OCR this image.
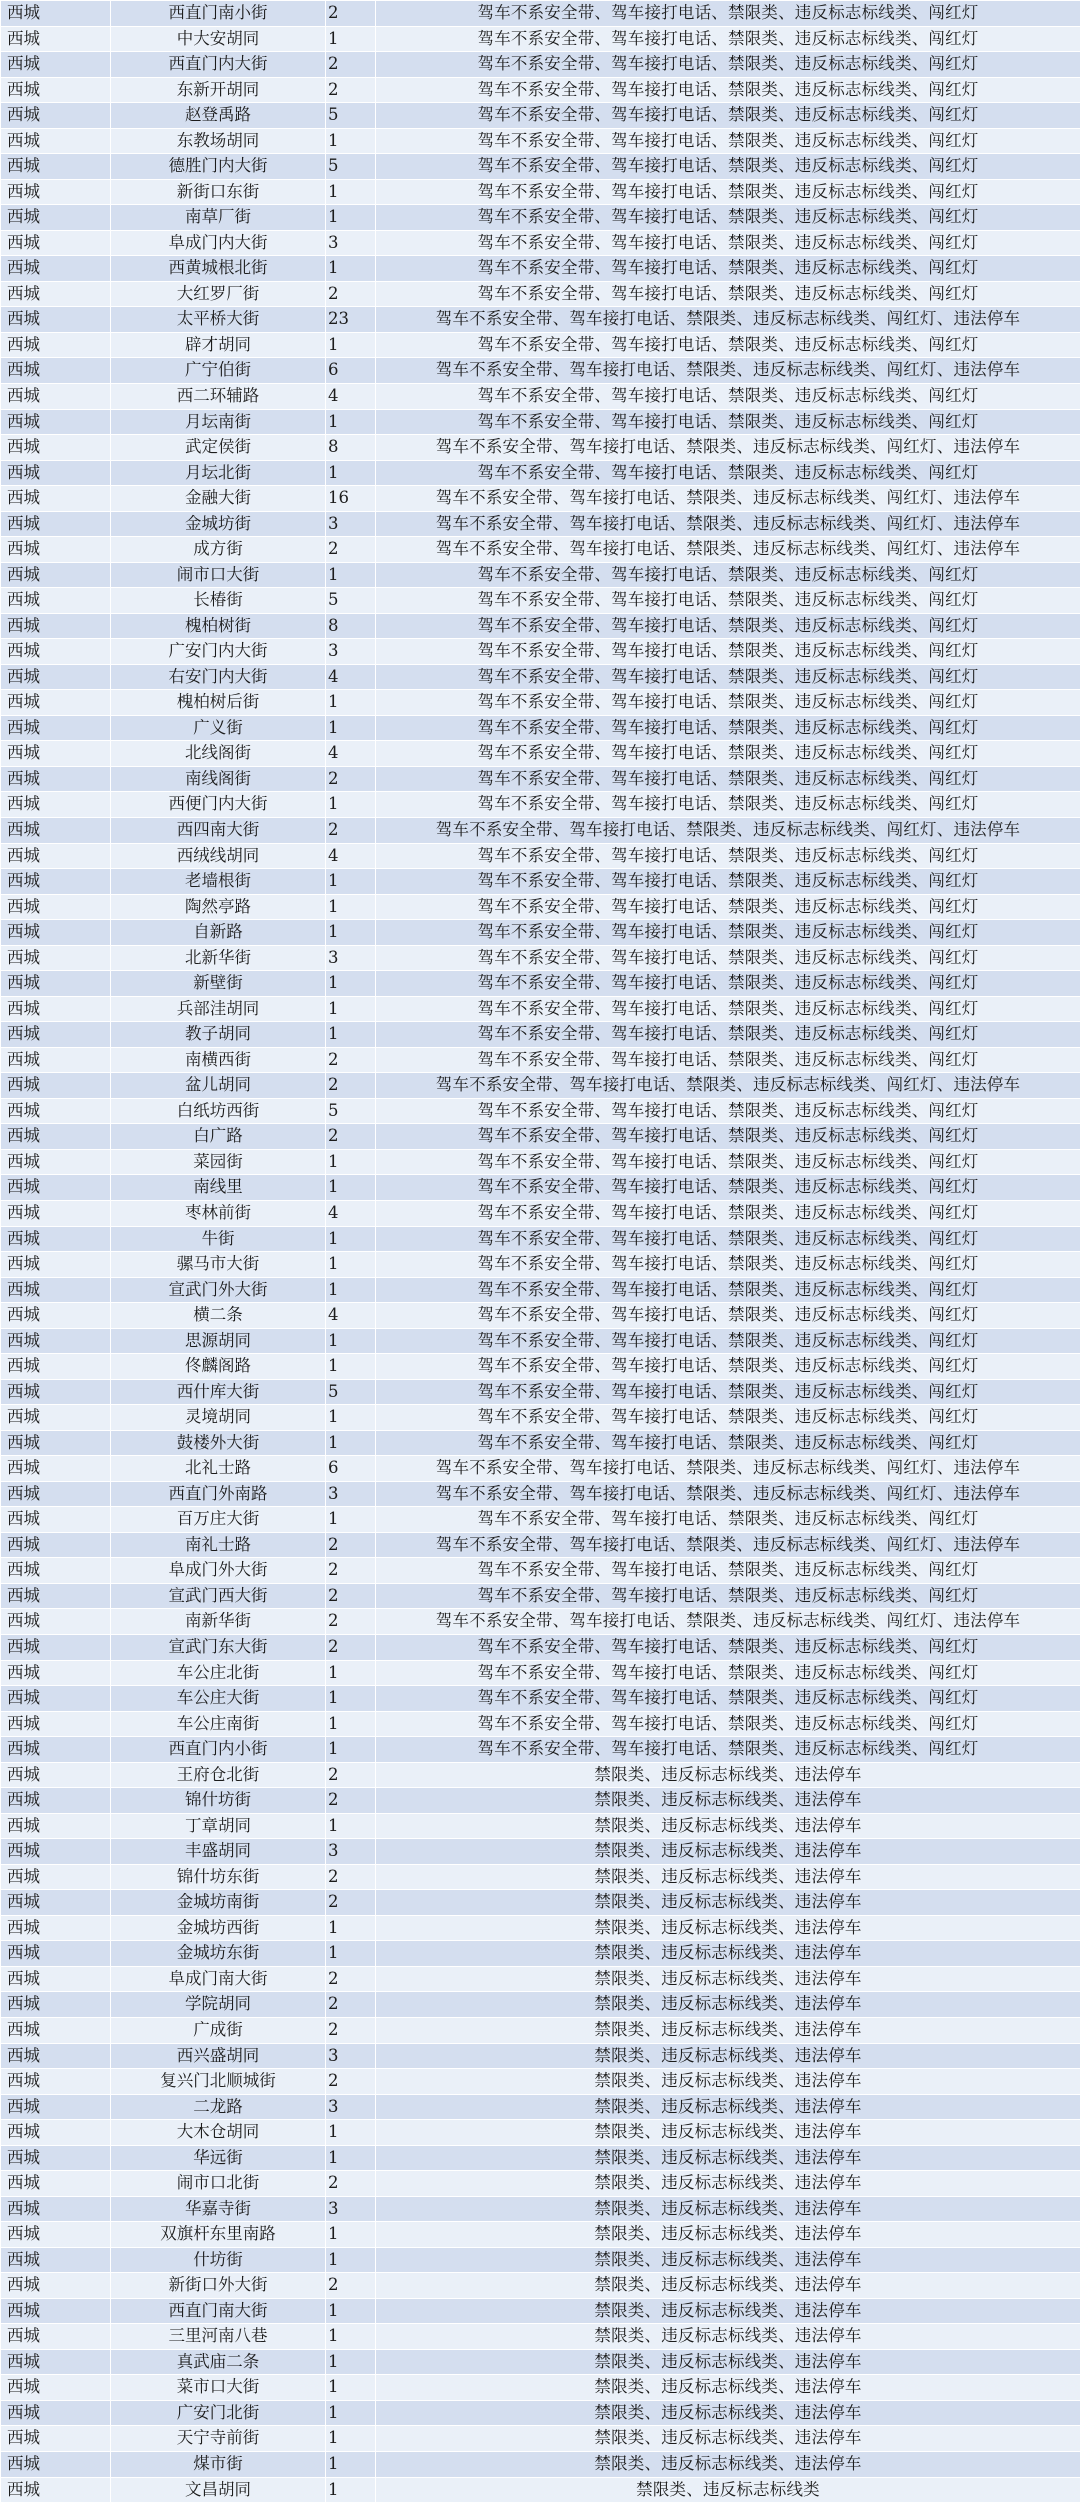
西城	西直门南小街	2	驾车不系安全带、驾车接打电话、禁限类、违反标志标线类、闯红灯
西城	中大安胡同	1	驾车不系安全带、驾车接打电话、禁限类、违反标志标线类、闯红灯
西城	西直门内大街	2	驾车不系安全带、驾车接打电话、禁限类、违反标志标线类、闯红灯
西城	东新开胡同	2	驾车不系安全带、驾车接打电话、禁限类、违反标志标线类、闯红灯
西城	赵登禹路	5	驾车不系安全带、驾车接打电话、禁限类、违反标志标线类、闯红灯
西城	东教场胡同	1	驾车不系安全带、驾车接打电话、禁限类、违反标志标线类、闯红灯
西城	德胜门内大街	5	驾车不系安全带、驾车接打电话、禁限类、违反标志标线类、闯红灯
西城	新街口东街	1	驾车不系安全带、驾车接打电话、禁限类、违反标志标线类、闯红灯
西城	南草厂街	1	驾车不系安全带、驾车接打电话、禁限类、违反标志标线类、闯红灯
西城	阜成门内大街	3	驾车不系安全带、驾车接打电话、禁限类、违反标志标线类、闯红灯
西城	西黄城根北街	1	驾车不系安全带、驾车接打电话、禁限类、违反标志标线类、闯红灯
西城	大红罗厂街	2	驾车不系安全带、驾车接打电话、禁限类、违反标志标线类、闯红灯
西城	太平桥大街	23	驾车不系安全带、驾车接打电话、禁限类、违反标志标线类、闯红灯、违法停车
西城	辟才胡同	1	驾车不系安全带、驾车接打电话、禁限类、违反标志标线类、闯红灯
西城	广宁伯街	6	驾车不系安全带、驾车接打电话、禁限类、违反标志标线类、闯红灯、违法停车
西城	西二环辅路	4	驾车不系安全带、驾车接打电话、禁限类、违反标志标线类、闯红灯
西城	月坛南街	1	驾车不系安全带、驾车接打电话、禁限类、违反标志标线类、闯红灯
西城	武定侯街	8	驾车不系安全带、驾车接打电话、禁限类、违反标志标线类、闯红灯、违法停车
西城	月坛北街	1	驾车不系安全带、驾车接打电话、禁限类、违反标志标线类、闯红灯
西城	金融大街	16	驾车不系安全带、驾车接打电话、禁限类、违反标志标线类、闯红灯、违法停车
西城	金城坊街	3	驾车不系安全带、驾车接打电话、禁限类、违反标志标线类、闯红灯、违法停车
西城	成方街	2	驾车不系安全带、驾车接打电话、禁限类、违反标志标线类、闯红灯、违法停车
西城	闹市口大街	1	驾车不系安全带、驾车接打电话、禁限类、违反标志标线类、闯红灯
西城	长椿街	5	驾车不系安全带、驾车接打电话、禁限类、违反标志标线类、闯红灯
西城	槐柏树街	8	驾车不系安全带、驾车接打电话、禁限类、违反标志标线类、闯红灯
西城	广安门内大街	3	驾车不系安全带、驾车接打电话、禁限类、违反标志标线类、闯红灯
西城	右安门内大街	4	驾车不系安全带、驾车接打电话、禁限类、违反标志标线类、闯红灯
西城	槐柏树后街	1	驾车不系安全带、驾车接打电话、禁限类、违反标志标线类、闯红灯
西城	广义街	1	驾车不系安全带、驾车接打电话、禁限类、违反标志标线类、闯红灯
西城	北线阁街	4	驾车不系安全带、驾车接打电话、禁限类、违反标志标线类、闯红灯
西城	南线阁街	2	驾车不系安全带、驾车接打电话、禁限类、违反标志标线类、闯红灯
西城	西便门内大街	1	驾车不系安全带、驾车接打电话、禁限类、违反标志标线类、闯红灯
西城	西四南大街	2	驾车不系安全带、驾车接打电话、禁限类、违反标志标线类、闯红灯、违法停车
西城	西绒线胡同	4	驾车不系安全带、驾车接打电话、禁限类、违反标志标线类、闯红灯
西城	老墙根街	1	驾车不系安全带、驾车接打电话、禁限类、违反标志标线类、闯红灯
西城	陶然亭路	1	驾车不系安全带、驾车接打电话、禁限类、违反标志标线类、闯红灯
西城	自新路	1	驾车不系安全带、驾车接打电话、禁限类、违反标志标线类、闯红灯
西城	北新华街	3	驾车不系安全带、驾车接打电话、禁限类、违反标志标线类、闯红灯
西城	新壁街	1	驾车不系安全带、驾车接打电话、禁限类、违反标志标线类、闯红灯
西城	兵部洼胡同	1	驾车不系安全带、驾车接打电话、禁限类、违反标志标线类、闯红灯
西城	教子胡同	1	驾车不系安全带、驾车接打电话、禁限类、违反标志标线类、闯红灯
西城	南横西街	2	驾车不系安全带、驾车接打电话、禁限类、违反标志标线类、闯红灯
西城	盆儿胡同	2	驾车不系安全带、驾车接打电话、禁限类、违反标志标线类、闯红灯、违法停车
西城	白纸坊西街	5	驾车不系安全带、驾车接打电话、禁限类、违反标志标线类、闯红灯
西城	白广路	2	驾车不系安全带、驾车接打电话、禁限类、违反标志标线类、闯红灯
西城	菜园街	1	驾车不系安全带、驾车接打电话、禁限类、违反标志标线类、闯红灯
西城	南线里	1	驾车不系安全带、驾车接打电话、禁限类、违反标志标线类、闯红灯
西城	枣林前街	4	驾车不系安全带、驾车接打电话、禁限类、违反标志标线类、闯红灯
西城	牛街	1	驾车不系安全带、驾车接打电话、禁限类、违反标志标线类、闯红灯
西城	骡马市大街	1	驾车不系安全带、驾车接打电话、禁限类、违反标志标线类、闯红灯
西城	宣武门外大街	1	驾车不系安全带、驾车接打电话、禁限类、违反标志标线类、闯红灯
西城	横二条	4	驾车不系安全带、驾车接打电话、禁限类、违反标志标线类、闯红灯
西城	思源胡同	1	驾车不系安全带、驾车接打电话、禁限类、违反标志标线类、闯红灯
西城	佟麟阁路	1	驾车不系安全带、驾车接打电话、禁限类、违反标志标线类、闯红灯
西城	西什库大街	5	驾车不系安全带、驾车接打电话、禁限类、违反标志标线类、闯红灯
西城	灵境胡同	1	驾车不系安全带、驾车接打电话、禁限类、违反标志标线类、闯红灯
西城	鼓楼外大街	1	驾车不系安全带、驾车接打电话、禁限类、违反标志标线类、闯红灯
西城	北礼士路	6	驾车不系安全带、驾车接打电话、禁限类、违反标志标线类、闯红灯、违法停车
西城	西直门外南路	3	驾车不系安全带、驾车接打电话、禁限类、违反标志标线类、闯红灯、违法停车
西城	百万庄大街	1	驾车不系安全带、驾车接打电话、禁限类、违反标志标线类、闯红灯
西城	南礼士路	2	驾车不系安全带、驾车接打电话、禁限类、违反标志标线类、闯红灯、违法停车
西城	阜成门外大街	2	驾车不系安全带、驾车接打电话、禁限类、违反标志标线类、闯红灯
西城	宣武门西大街	2	驾车不系安全带、驾车接打电话、禁限类、违反标志标线类、闯红灯
西城	南新华街	2	驾车不系安全带、驾车接打电话、禁限类、违反标志标线类、闯红灯、违法停车
西城	宣武门东大街	2	驾车不系安全带、驾车接打电话、禁限类、违反标志标线类、闯红灯
西城	车公庄北街	1	驾车不系安全带、驾车接打电话、禁限类、违反标志标线类、闯红灯
西城	车公庄大街	1	驾车不系安全带、驾车接打电话、禁限类、违反标志标线类、闯红灯
西城	车公庄南街	1	驾车不系安全带、驾车接打电话、禁限类、违反标志标线类、闯红灯
西城	西直门内小街	1	驾车不系安全带、驾车接打电话、禁限类、违反标志标线类、闯红灯
西城	王府仓北街	2	禁限类、违反标志标线类、违法停车
西城	锦什坊街	2	禁限类、违反标志标线类、违法停车
西城	丁章胡同	1	禁限类、违反标志标线类、违法停车
西城	丰盛胡同	3	禁限类、违反标志标线类、违法停车
西城	锦什坊东街	2	禁限类、违反标志标线类、违法停车
西城	金城坊南街	2	禁限类、违反标志标线类、违法停车
西城	金城坊西街	1	禁限类、违反标志标线类、违法停车
西城	金城坊东街	1	禁限类、违反标志标线类、违法停车
西城	阜成门南大街	2	禁限类、违反标志标线类、违法停车
西城	学院胡同	2	禁限类、违反标志标线类、违法停车
西城	广成街	2	禁限类、违反标志标线类、违法停车
西城	西兴盛胡同	3	禁限类、违反标志标线类、违法停车
西城	复兴门北顺城街	2	禁限类、违反标志标线类、违法停车
西城	二龙路	3	禁限类、违反标志标线类、违法停车
西城	大木仓胡同	1	禁限类、违反标志标线类、违法停车
西城	华远街	1	禁限类、违反标志标线类、违法停车
西城	闹市口北街	2	禁限类、违反标志标线类、违法停车
西城	华嘉寺街	3	禁限类、违反标志标线类、违法停车
西城	双旗杆东里南路	1	禁限类、违反标志标线类、违法停车
西城	什坊街	1	禁限类、违反标志标线类、违法停车
西城	新街口外大街	2	禁限类、违反标志标线类、违法停车
西城	西直门南大街	1	禁限类、违反标志标线类、违法停车
西城	三里河南八巷	1	禁限类、违反标志标线类、违法停车
西城	真武庙二条	1	禁限类、违反标志标线类、违法停车
西城	菜市口大街	1	禁限类、违反标志标线类、违法停车
西城	广安门北街	1	禁限类、违反标志标线类、违法停车
西城	天宁寺前街	1	禁限类、违反标志标线类、违法停车
西城	煤市街	1	禁限类、违反标志标线类、违法停车
西城	文昌胡同	1	禁限类、违反标志标线类
